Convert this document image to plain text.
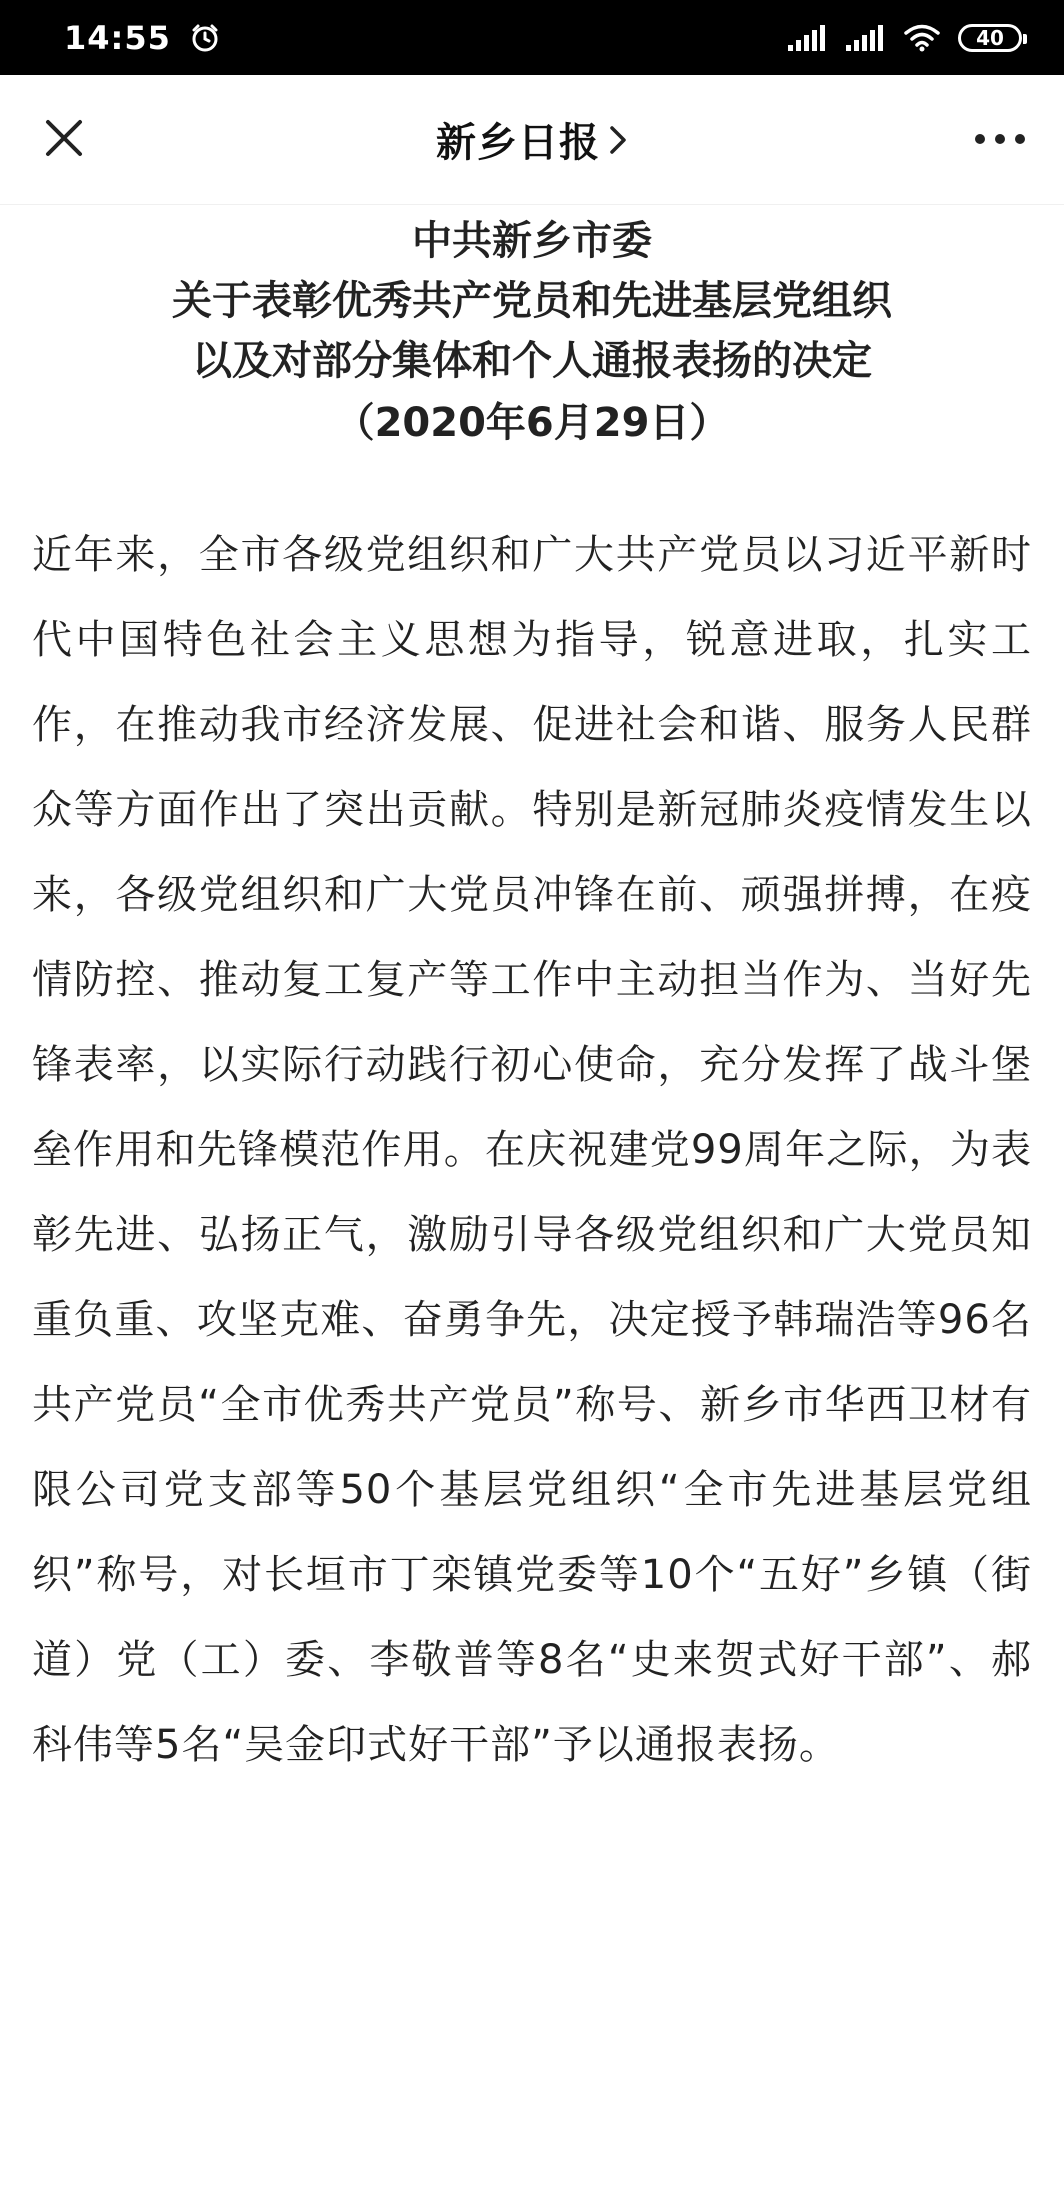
14:55	40
新乡日报
中共新乡市委
关于表彰优秀共产党员和先进基层党组织
以及对部分集体和个人通报表扬的决定
（2020年6月29日）

近年来，全市各级党组织和广大共产党员以习近平新时代中国特色社会主义思想为指导，锐意进取，扎实工作，在推动我市经济发展、促进社会和谐、服务人民群众等方面作出了突出贡献。特别是新冠肺炎疫情发生以来，各级党组织和广大党员冲锋在前、顽强拼搏，在疫情防控、推动复工复产等工作中主动担当作为、当好先锋表率，以实际行动践行初心使命，充分发挥了战斗堡垒作用和先锋模范作用。在庆祝建党99周年之际，为表彰先进、弘扬正气，激励引导各级党组织和广大党员知重负重、攻坚克难、奋勇争先，决定授予韩瑞浩等96名共产党员“全市优秀共产党员”称号、新乡市华西卫材有限公司党支部等50个基层党组织“全市先进基层党组织”称号，对长垣市丁栾镇党委等10个“五好”乡镇（街道）党（工）委、李敬普等8名“史来贺式好干部”、郝科伟等5名“吴金印式好干部”予以通报表扬。
